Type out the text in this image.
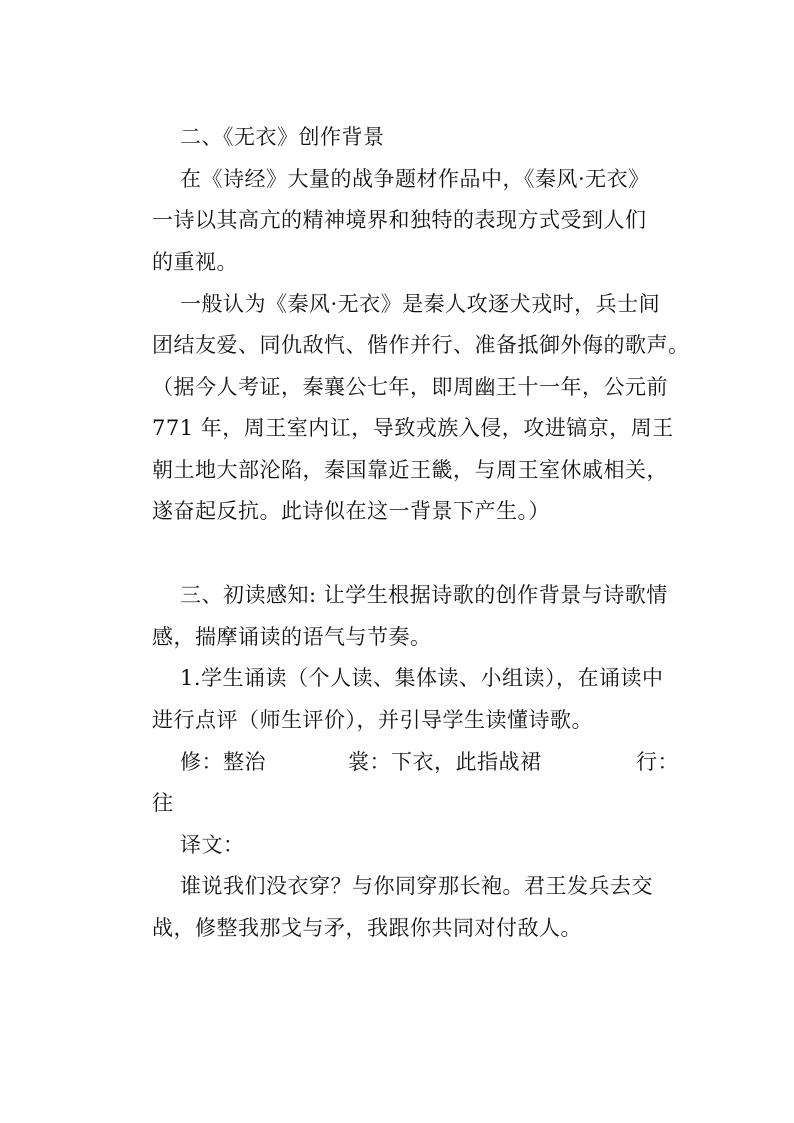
二、《无衣》创作背景
在《诗经》大量的战争题材作品中，《秦风·无衣》
一诗以其高亢的精神境界和独特的表现方式受到人们
的重视。
一般认为《秦风·无衣》是秦人攻逐犬戎时，兵士间
团结友爱、同仇敌忾、偕作并行、准备抵御外侮的歌声。
（据今人考证，秦襄公七年，即周幽王十一年，公元前
771 年，周王室内讧，导致戎族入侵，攻进镐京，周王
朝土地大部沦陷，秦国靠近王畿，与周王室休戚相关，
遂奋起反抗。此诗似在这一背景下产生。）
三、初读感知: 让学生根据诗歌的创作背景与诗歌情
感，揣摩诵读的语气与节奏。
1.学生诵读（个人读、集体读、小组读），在诵读中
进行点评（师生评价），并引导学生读懂诗歌。
修：整治	裳：下衣，此指战裙	行：
往
译文：
谁说我们没衣穿？与你同穿那长袍。君王发兵去交
战，修整我那戈与矛，我跟你共同对付敌人。
